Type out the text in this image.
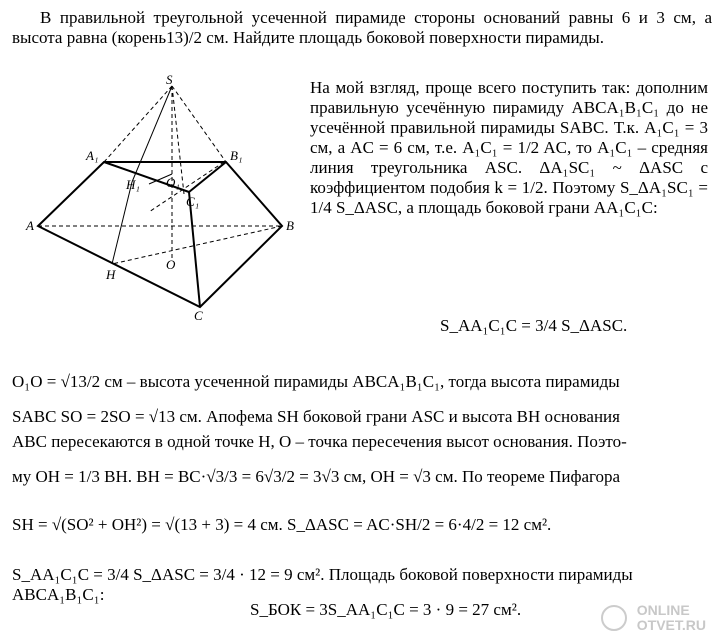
В правильной треугольной усеченной пирамиде стороны оснований равны 6 и 3 см, а высота равна (корень13)/2 см. Найдите площадь боковой поверхности пирамиды.
S
A₁	B₁
H₁ O₁
C₁
A	B
O
H
C
На мой взгляд, проще всего поступить так: дополним правильную усечённую пирамиду ABCA₁B₁C₁ до не усечённой правильной пирамиды SABC. Т.к. A₁C₁ = 3 см, а AC = 6 см, т.е. A₁C₁ = 1/2 AC, то A₁C₁ – средняя линия треугольника ASC. ΔA₁SC₁ ~ ΔASC с коэффициентом подобия k = 1/2. Поэтому S_ΔA₁SC₁ = 1/4 S_ΔASC, а площадь боковой грани AA₁C₁C:
S_AA₁C₁C = 3/4 S_ΔASC.
O₁O = √13/2 см – высота усеченной пирамиды ABCA₁B₁C₁, тогда высота пирамиды
SABC SO = 2SO = √13 см. Апофема SH боковой грани ASC и высота BH основания
ABC пересекаются в одной точке H, O – точка пересечения высот основания. Поэто-
му OH = 1/3 BH. BH = BC·√3/3 = 6√3/2 = 3√3 см, OH = √3 см. По теореме Пифагора
SH = √(SO² + OH²) = √(13 + 3) = 4 см. S_ΔASC = AC·SH/2 = 6·4/2 = 12 см².
S_AA₁C₁C = 3/4 S_ΔASC = 3/4 · 12 = 9 см². Площадь боковой поверхности пирамиды ABCA₁B₁C₁:
S_БОК = 3S_AA₁C₁C = 3 · 9 = 27 см².
	ONLINE
OTVET.RU
